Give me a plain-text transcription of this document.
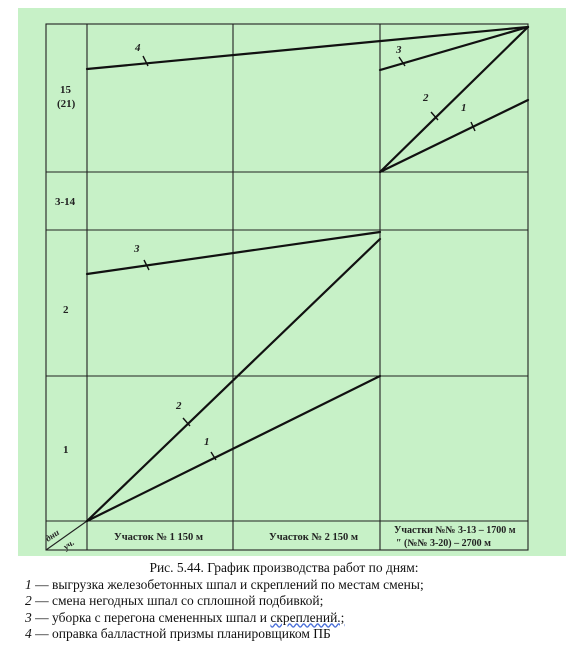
15
(21)
3-14
2
1
дни
уч.	Участок № 1 150 м	Участок № 2 150 м
Участки №№ 3-13 – 1700 м
″ (№№ 3-20) – 2700 м
4	3
2
1
3
2
1
Рис. 5.44. График производства работ по дням:
1 — выгрузка железобетонных шпал и скреплений по местам смены;
2 — смена негодных шпал со сплошной подбивкой;
3 — уборка с перегона смененных шпал и скреплений.;
4 — оправка балластной призмы планировщиком ПБ
